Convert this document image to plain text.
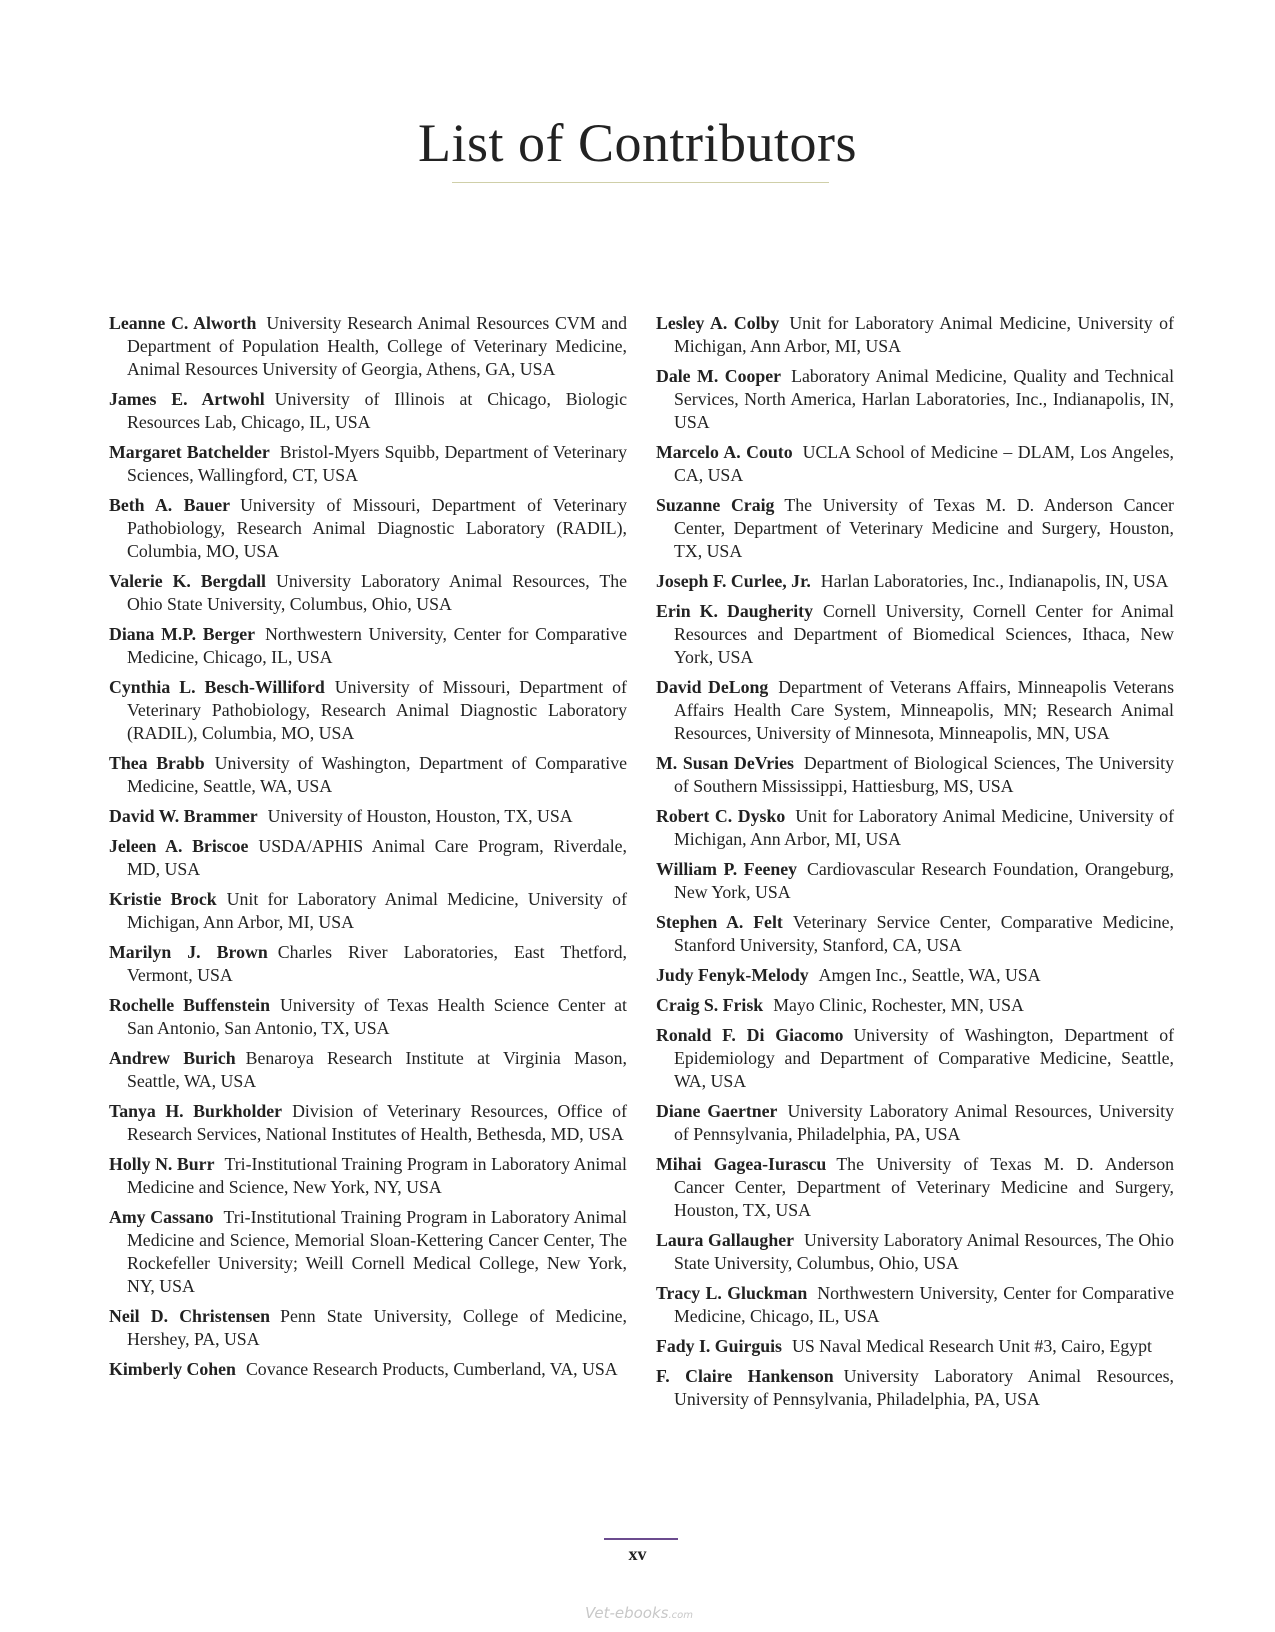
List of Contributors

Leanne C. Alworth University Research Animal Resources CVM and Department of Population Health, College of Veterinary Medicine, Animal Resources University of Georgia, Athens, GA, USA

James E. Artwohl University of Illinois at Chicago, Biologic Resources Lab, Chicago, IL, USA

Margaret Batchelder Bristol-Myers Squibb, Department of Veterinary Sciences, Wallingford, CT, USA

Beth A. Bauer University of Missouri, Department of Veterinary Pathobiology, Research Animal Diagnostic Laboratory (RADIL), Columbia, MO, USA

Valerie K. Bergdall University Laboratory Animal Resources, The Ohio State University, Columbus, Ohio, USA

Diana M.P. Berger Northwestern University, Center for Comparative Medicine, Chicago, IL, USA

Cynthia L. Besch-Williford University of Missouri, Department of Veterinary Pathobiology, Research Animal Diagnostic Laboratory (RADIL), Columbia, MO, USA

Thea Brabb University of Washington, Department of Comparative Medicine, Seattle, WA, USA

David W. Brammer University of Houston, Houston, TX, USA

Jeleen A. Briscoe USDA/APHIS Animal Care Program, Riverdale, MD, USA

Kristie Brock Unit for Laboratory Animal Medicine, University of Michigan, Ann Arbor, MI, USA

Marilyn J. Brown Charles River Laboratories, East Thetford, Vermont, USA

Rochelle Buffenstein University of Texas Health Science Center at San Antonio, San Antonio, TX, USA

Andrew Burich Benaroya Research Institute at Virginia Mason, Seattle, WA, USA

Tanya H. Burkholder Division of Veterinary Resources, Office of Research Services, National Institutes of Health, Bethesda, MD, USA

Holly N. Burr Tri-Institutional Training Program in Laboratory Animal Medicine and Science, New York, NY, USA

Amy Cassano Tri-Institutional Training Program in Laboratory Animal Medicine and Science, Memorial Sloan-Kettering Cancer Center, The Rockefeller University; Weill Cornell Medical College, New York, NY, USA

Neil D. Christensen Penn State University, College of Medicine, Hershey, PA, USA

Kimberly Cohen Covance Research Products, Cumberland, VA, USA

Lesley A. Colby Unit for Laboratory Animal Medicine, University of Michigan, Ann Arbor, MI, USA

Dale M. Cooper Laboratory Animal Medicine, Quality and Technical Services, North America, Harlan Laboratories, Inc., Indianapolis, IN, USA

Marcelo A. Couto UCLA School of Medicine – DLAM, Los Angeles, CA, USA

Suzanne Craig The University of Texas M. D. Anderson Cancer Center, Department of Veterinary Medicine and Surgery, Houston, TX, USA

Joseph F. Curlee, Jr. Harlan Laboratories, Inc., Indianapolis, IN, USA

Erin K. Daugherity Cornell University, Cornell Center for Animal Resources and Department of Biomedical Sciences, Ithaca, New York, USA

David DeLong Department of Veterans Affairs, Minneapolis Veterans Affairs Health Care System, Minneapolis, MN; Research Animal Resources, University of Minnesota, Minneapolis, MN, USA

M. Susan DeVries Department of Biological Sciences, The University of Southern Mississippi, Hattiesburg, MS, USA

Robert C. Dysko Unit for Laboratory Animal Medicine, University of Michigan, Ann Arbor, MI, USA

William P. Feeney Cardiovascular Research Foundation, Orangeburg, New York, USA

Stephen A. Felt Veterinary Service Center, Comparative Medicine, Stanford University, Stanford, CA, USA

Judy Fenyk-Melody Amgen Inc., Seattle, WA, USA

Craig S. Frisk Mayo Clinic, Rochester, MN, USA

Ronald F. Di Giacomo University of Washington, Department of Epidemiology and Department of Comparative Medicine, Seattle, WA, USA

Diane Gaertner University Laboratory Animal Resources, University of Pennsylvania, Philadelphia, PA, USA

Mihai Gagea-Iurascu The University of Texas M. D. Anderson Cancer Center, Department of Veterinary Medicine and Surgery, Houston, TX, USA

Laura Gallaugher University Laboratory Animal Resources, The Ohio State University, Columbus, Ohio, USA

Tracy L. Gluckman Northwestern University, Center for Comparative Medicine, Chicago, IL, USA

Fady I. Guirguis US Naval Medical Research Unit #3, Cairo, Egypt

F. Claire Hankenson University Laboratory Animal Resources, University of Pennsylvania, Philadelphia, PA, USA

xv
Vet-ebooks.com
